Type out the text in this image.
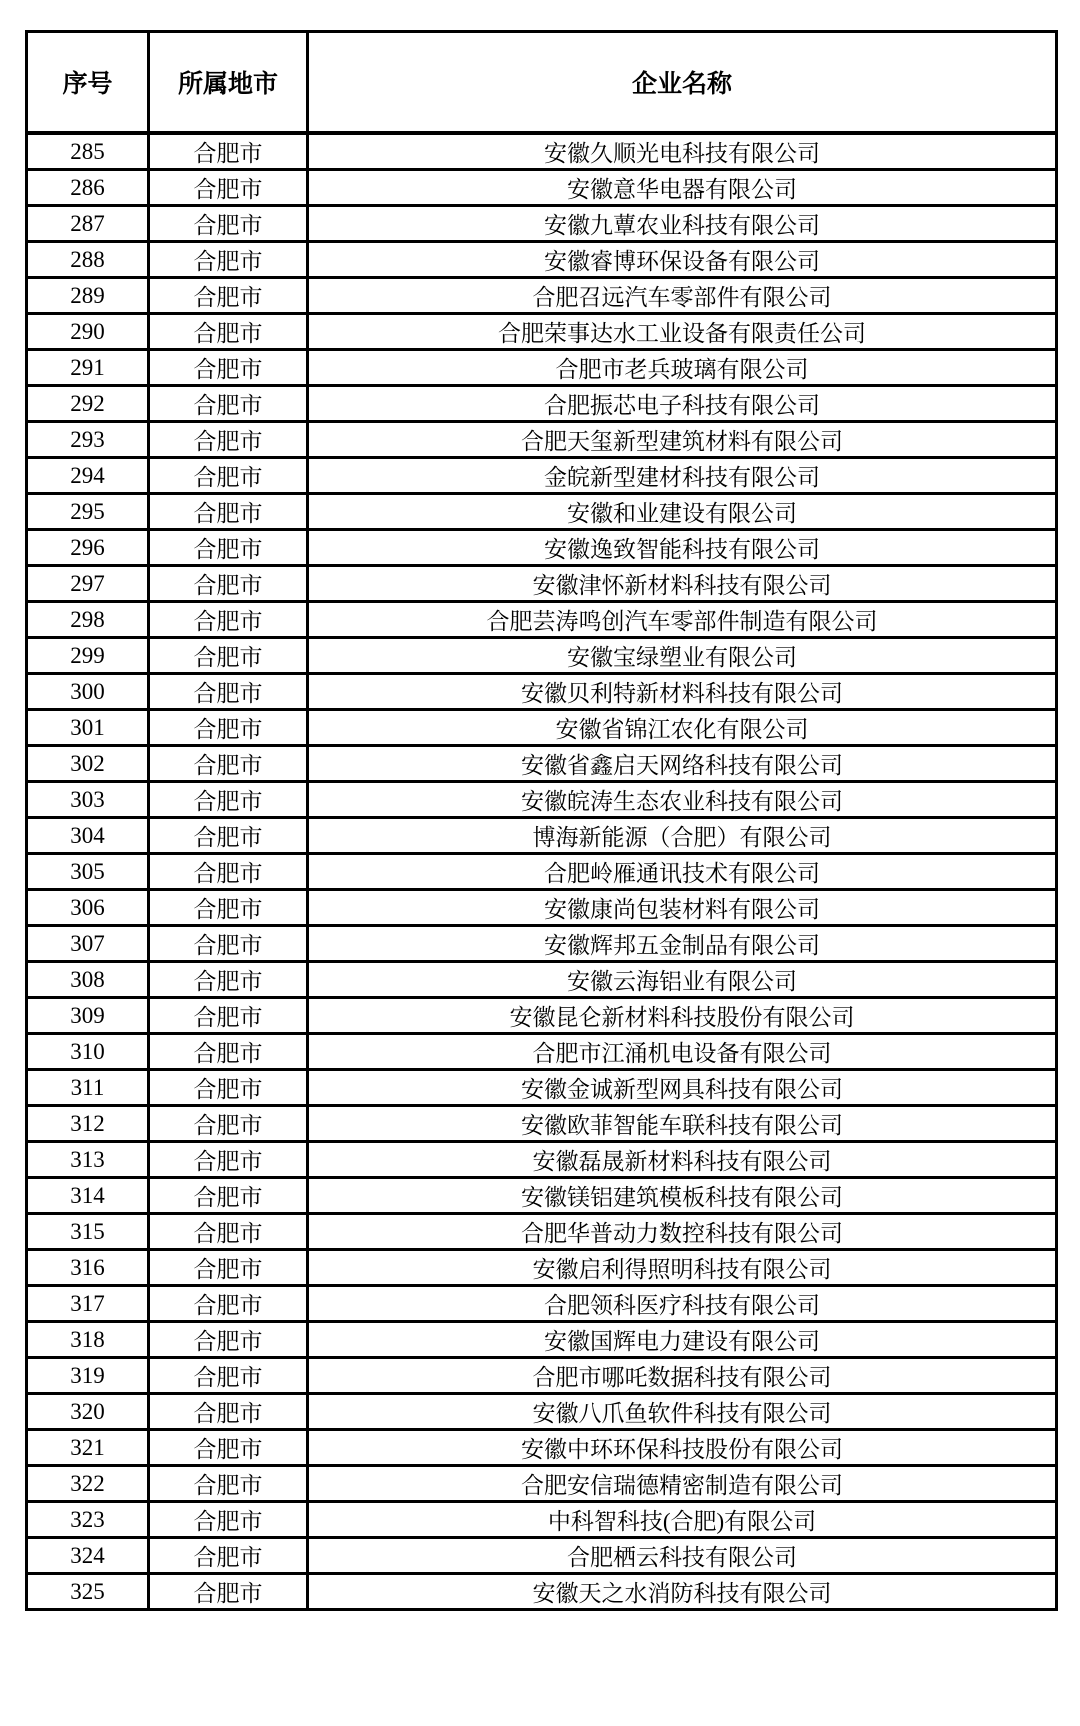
序号	所属地市	企业名称
285	合肥市	安徽久顺光电科技有限公司
286	合肥市	安徽意华电器有限公司
287	合肥市	安徽九蕈农业科技有限公司
288	合肥市	安徽睿博环保设备有限公司
289	合肥市	合肥召远汽车零部件有限公司
290	合肥市	合肥荣事达水工业设备有限责任公司
291	合肥市	合肥市老兵玻璃有限公司
292	合肥市	合肥振芯电子科技有限公司
293	合肥市	合肥天玺新型建筑材料有限公司
294	合肥市	金皖新型建材科技有限公司
295	合肥市	安徽和业建设有限公司
296	合肥市	安徽逸致智能科技有限公司
297	合肥市	安徽津怀新材料科技有限公司
298	合肥市	合肥芸涛鸣创汽车零部件制造有限公司
299	合肥市	安徽宝绿塑业有限公司
300	合肥市	安徽贝利特新材料科技有限公司
301	合肥市	安徽省锦江农化有限公司
302	合肥市	安徽省鑫启天网络科技有限公司
303	合肥市	安徽皖涛生态农业科技有限公司
304	合肥市	博海新能源（合肥）有限公司
305	合肥市	合肥岭雁通讯技术有限公司
306	合肥市	安徽康尚包装材料有限公司
307	合肥市	安徽辉邦五金制品有限公司
308	合肥市	安徽云海铝业有限公司
309	合肥市	安徽昆仑新材料科技股份有限公司
310	合肥市	合肥市江涌机电设备有限公司
311	合肥市	安徽金诚新型网具科技有限公司
312	合肥市	安徽欧菲智能车联科技有限公司
313	合肥市	安徽磊晟新材料科技有限公司
314	合肥市	安徽镁铝建筑模板科技有限公司
315	合肥市	合肥华普动力数控科技有限公司
316	合肥市	安徽启利得照明科技有限公司
317	合肥市	合肥领科医疗科技有限公司
318	合肥市	安徽国辉电力建设有限公司
319	合肥市	合肥市哪吒数据科技有限公司
320	合肥市	安徽八爪鱼软件科技有限公司
321	合肥市	安徽中环环保科技股份有限公司
322	合肥市	合肥安信瑞德精密制造有限公司
323	合肥市	中科智科技(合肥)有限公司
324	合肥市	合肥栖云科技有限公司
325	合肥市	安徽天之水消防科技有限公司
